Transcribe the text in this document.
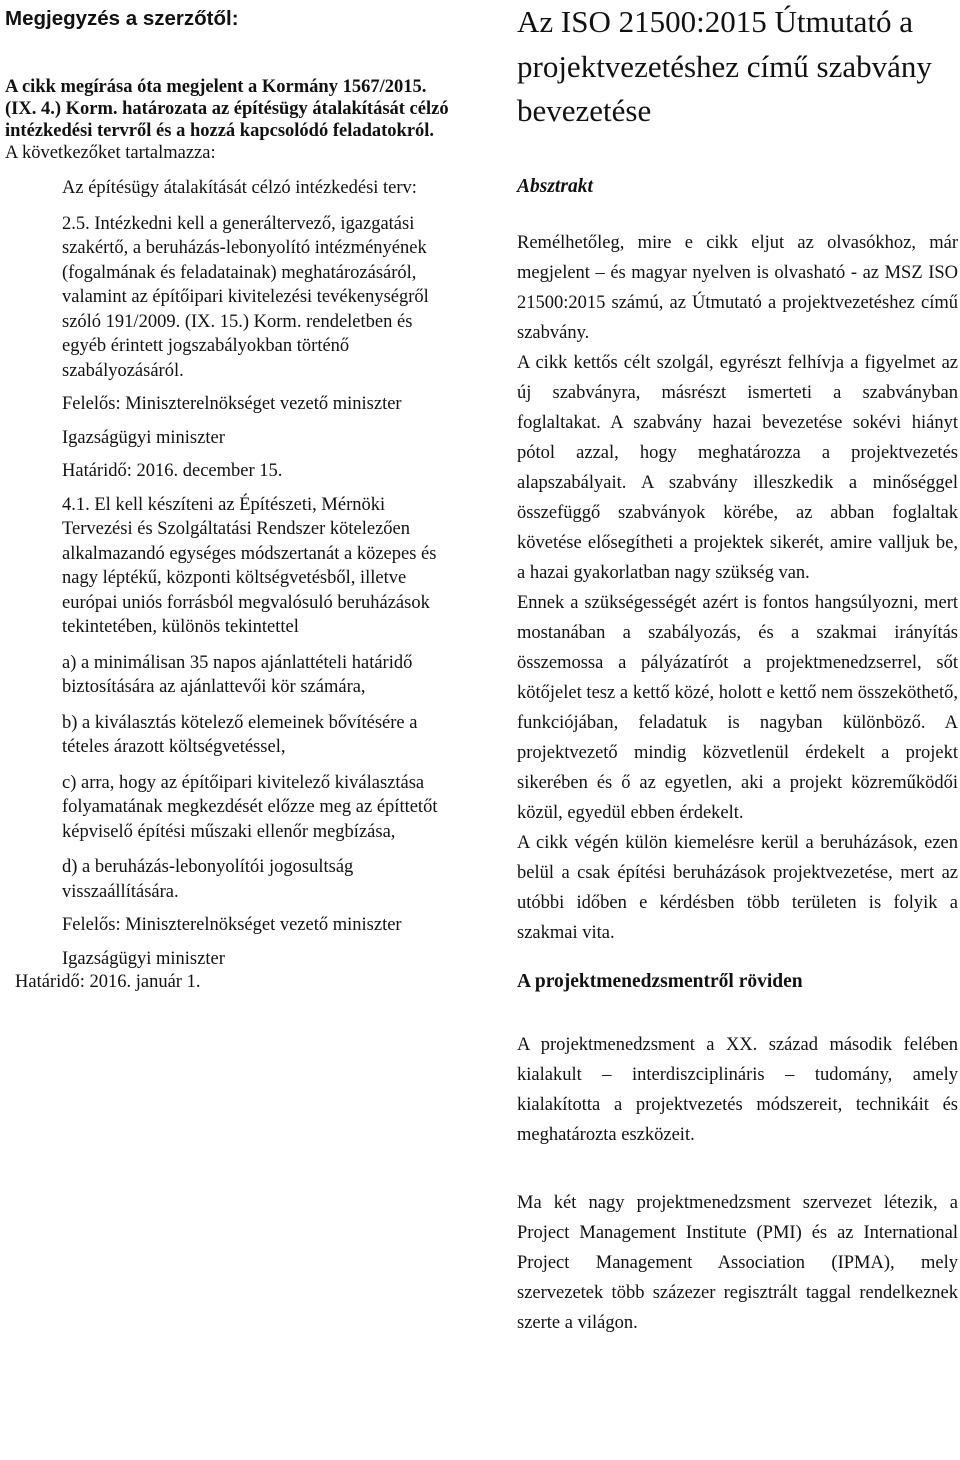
Megjegyzés a szerzőtől:

A cikk megírása óta megjelent a Kormány 1567/2015. (IX. 4.) Korm. határozata az építésügy átalakítását célzó intézkedési tervről és a hozzá kapcsolódó feladatokról.

A következőket tartalmazza:

Az építésügy átalakítását célzó intézkedési terv:

2.5. Intézkedni kell a generáltervező, igazgatási szakértő, a beruházás-lebonyolító intézményének (fogalmának és feladatainak) meghatározásáról, valamint az építőipari kivitelezési tevékenységről szóló 191/2009. (IX. 15.) Korm. rendeletben és egyéb érintett jogszabályokban történő szabályozásáról.

Felelős: Miniszterelnökséget vezető miniszter

Igazságügyi miniszter

Határidő: 2016. december 15.

4.1. El kell készíteni az Építészeti, Mérnöki Tervezési és Szolgáltatási Rendszer kötelezően alkalmazandó egységes módszertanát a közepes és nagy léptékű, központi költségvetésből, illetve európai uniós forrásból megvalósuló beruházások tekintetében, különös tekintettel

a) a minimálisan 35 napos ajánlattételi határidő biztosítására az ajánlattevői kör számára,

b) a kiválasztás kötelező elemeinek bővítésére a tételes árazott költségvetéssel,

c) arra, hogy az építőipari kivitelező kiválasztása folyamatának megkezdését előzze meg az építtetőt képviselő építési műszaki ellenőr megbízása,

d) a beruházás-lebonyolítói jogosultság visszaállítására.

Felelős: Miniszterelnökséget vezető miniszter

Igazságügyi miniszter

Határidő: 2016. január 1.

Az ISO 21500:2015 Útmutató a projektvezetéshez című szabvány bevezetése
Absztrakt

Remélhetőleg, mire e cikk eljut az olvasókhoz, már megjelent – és magyar nyelven is olvasható - az MSZ ISO 21500:2015 számú, az Útmutató a projektvezetéshez című szabvány.

A cikk kettős célt szolgál, egyrészt felhívja a figyelmet az új szabványra, másrészt ismerteti a szabványban foglaltakat. A szabvány hazai bevezetése sokévi hiányt pótol azzal, hogy meghatározza a projektvezetés alapszabályait. A szabvány illeszkedik a minőséggel összefüggő szabványok körébe, az abban foglaltak követése elősegítheti a projektek sikerét, amire valljuk be, a hazai gyakorlatban nagy szükség van.

Ennek a szükségességét azért is fontos hangsúlyozni, mert mostanában a szabályozás, és a szakmai irányítás összemossa a pályázatírót a projektmenedzserrel, sőt kötőjelet tesz a kettő közé, holott e kettő nem összeköthető, funkciójában, feladatuk is nagyban különböző. A projektvezető mindig közvetlenül érdekelt a projekt sikerében és ő az egyetlen, aki a projekt közreműködői közül, egyedül ebben érdekelt.

A cikk végén külön kiemelésre kerül a beruházások, ezen belül a csak építési beruházások projektvezetése, mert az utóbbi időben e kérdésben több területen is folyik a szakmai vita.

A projektmenedzsmentről röviden

A projektmenedzsment a XX. század második felében kialakult – interdiszciplináris – tudomány, amely kialakította a projektvezetés módszereit, technikáit és meghatározta eszközeit.

Ma két nagy projektmenedzsment szervezet létezik, a Project Management Institute (PMI) és az International Project Management Association (IPMA), mely szervezetek több százezer regisztrált taggal rendelkeznek szerte a világon.
